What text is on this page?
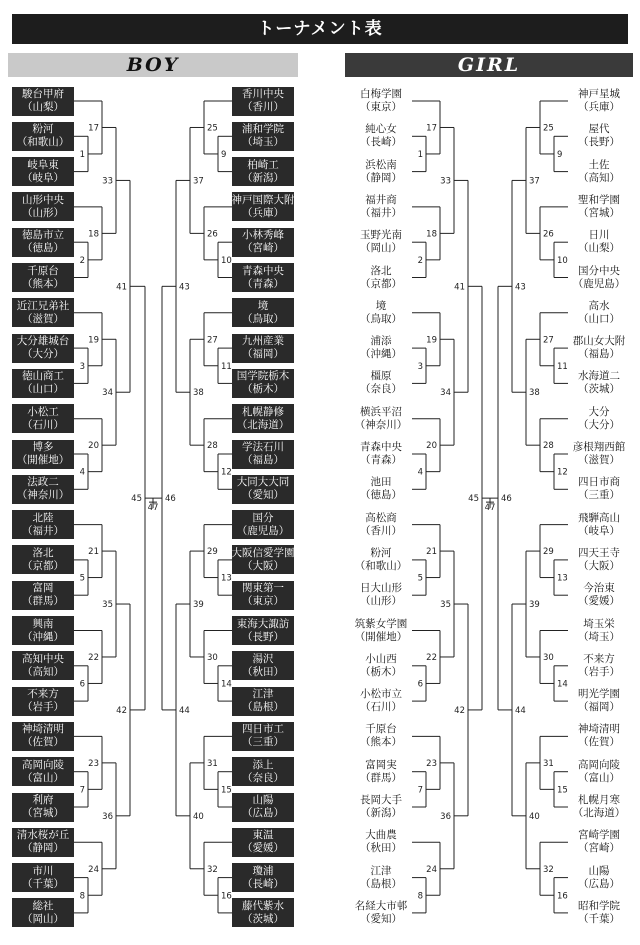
トーナメント表
BOY	GIRL
1
2
3
4
5
6
7
8
17
18
19
20
21
22
23
24
33
34
35
36
41
42
45
9
10
11
12
13
14
15
16
25
26
27
28
29
30
31
32
37
38
39
40
43
44
46
47
1
2
3
4
5
6
7
8
17
18
19
20
21
22
23
24
33
34
35
36
41
42
45
9
10
11
12
13
14
15
16
25
26
27
28
29
30
31
32
37
38
39
40
43
44
46
47
駿台甲府
（山梨）
香川中央
（香川）
白梅学園
（東京）
神戸星城
（兵庫）
粉河
（和歌山）
浦和学院
（埼玉）
純心女
（長崎）
屋代
（長野）
岐阜東
（岐阜）
柏崎工
（新潟）
浜松南
（静岡）
土佐
（高知）
山形中央
（山形）
神戸国際大附
（兵庫）
福井商
（福井）
聖和学園
（宮城）
徳島市立
（徳島）
小林秀峰
（宮崎）
玉野光南
（岡山）
日川
（山梨）
千原台
（熊本）
青森中央
（青森）
洛北
（京都）
国分中央
（鹿児島）
近江兄弟社
（滋賀）
境
（鳥取）
境
（鳥取）
高水
（山口）
大分雄城台
（大分）
九州産業
（福岡）
浦添
（沖縄）
郡山女大附
（福島）
徳山商工
（山口）
国学院栃木
（栃木）
橿原
（奈良）
水海道二
（茨城）
小松工
（石川）
札幌静修
（北海道）
横浜平沼
（神奈川）
大分
（大分）
博多
（開催地）
学法石川
（福島）
青森中央
（青森）
彦根翔西館
（滋賀）
法政二
（神奈川）
大同大大同
（愛知）
池田
（徳島）
四日市商
（三重）
北陸
（福井）
国分
（鹿児島）
高松商
（香川）
飛騨高山
（岐阜）
洛北
（京都）
大阪信愛学園
（大阪）
粉河
（和歌山）
四天王寺
（大阪）
富岡
（群馬）
関東第一
（東京）
日大山形
（山形）
今治東
（愛媛）
興南
（沖縄）
東海大諏訪
（長野）
筑紫女学園
（開催地）
埼玉栄
（埼玉）
高知中央
（高知）
湯沢
（秋田）
小山西
（栃木）
不来方
（岩手）
不来方
（岩手）
江津
（島根）
小松市立
（石川）
明光学園
（福岡）
神埼清明
（佐賀）
四日市工
（三重）
千原台
（熊本）
神埼清明
（佐賀）
高岡向陵
（富山）
添上
（奈良）
富岡実
（群馬）
高岡向陵
（富山）
利府
（宮城）
山陽
（広島）
長岡大手
（新潟）
札幌月寒
（北海道）
清水桜が丘
（静岡）
東温
（愛媛）
大曲農
（秋田）
宮崎学園
（宮崎）
市川
（千葉）
瓊浦
（長崎）
江津
（島根）
山陽
（広島）
総社
（岡山）
藤代紫水
（茨城）
名経大市邨
（愛知）
昭和学院
（千葉）
